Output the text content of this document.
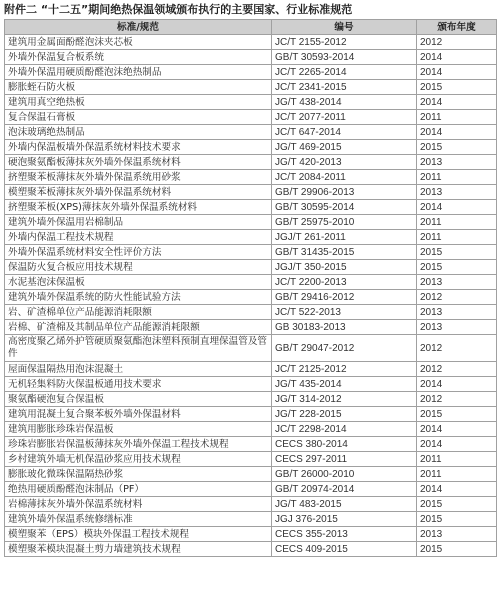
附件二 “十二五”期间绝热保温领域颁布执行的主要国家、行业标准规范
标准/规范	编号	颁布年度
建筑用金属面酚醛泡沫夹芯板	JC/T 2155-2012	2012
外墙外保温复合板系统	GB/T 30593-2014	2014
外墙外保温用硬质酚醛泡沫绝热制品	JC/T 2265-2014	2014
膨胀蛭石防火板	JC/T 2341-2015	2015
建筑用真空绝热板	JG/T 438-2014	2014
复合保温石膏板	JC/T 2077-2011	2011
泡沫玻璃绝热制品	JC/T 647-2014	2014
外墙内保温板墙外保温系统材料技术要求	JG/T 469-2015	2015
硬泡聚氨酯板薄抹灰外墙外保温系统材料	JG/T 420-2013	2013
挤塑聚苯板薄抹灰外墙外保温系统用砂浆	JC/T 2084-2011	2011
模塑聚苯板薄抹灰外墙外保温系统材料	GB/T 29906-2013	2013
挤塑聚苯板(XPS)薄抹灰外墙外保温系统材料	GB/T 30595-2014	2014
建筑外墙外保温用岩棉制品	GB/T 25975-2010	2011
外墙内保温工程技术规程	JGJ/T 261-2011	2011
外墙外保温系统材料安全性评价方法	GB/T 31435-2015	2015
保温防火复合板应用技术规程	JGJ/T 350-2015	2015
水泥基泡沫保温板	JC/T 2200-2013	2013
建筑外墙外保温系统的防火性能试验方法	GB/T 29416-2012	2012
岩、矿渣棉单位产品能源消耗限额	JC/T 522-2013	2013
岩棉、矿渣棉及其制品单位产品能源消耗限额	GB 30183-2013	2013
高密度聚乙烯外护管硬质聚氨酯泡沫塑料预制直埋保温管及管件	GB/T 29047-2012	2012
屋面保温隔热用泡沫混凝土	JC/T 2125-2012	2012
无机轻集料防火保温板通用技术要求	JG/T 435-2014	2014
聚氨酯硬泡复合保温板	JG/T 314-2012	2012
建筑用混凝土复合聚苯板外墙外保温材料	JG/T 228-2015	2015
建筑用膨胀珍珠岩保温板	JC/T 2298-2014	2014
珍珠岩膨胀岩保温板薄抹灰外墙外保温工程技术规程	CECS 380-2014	2014
乡村建筑外墙无机保温砂浆应用技术规程	CECS 297-2011	2011
膨胀玻化微珠保温隔热砂浆	GB/T 26000-2010	2011
绝热用硬质酚醛泡沫制品（PF）	GB/T 20974-2014	2014
岩棉薄抹灰外墙外保温系统材料	JG/T 483-2015	2015
建筑外墙外保温系统修缮标准	JGJ 376-2015	2015
模塑聚苯（EPS）模块外保温工程技术规程	CECS 355-2013	2013
模塑聚苯模块混凝土剪力墙建筑技术规程	CECS 409-2015	2015
